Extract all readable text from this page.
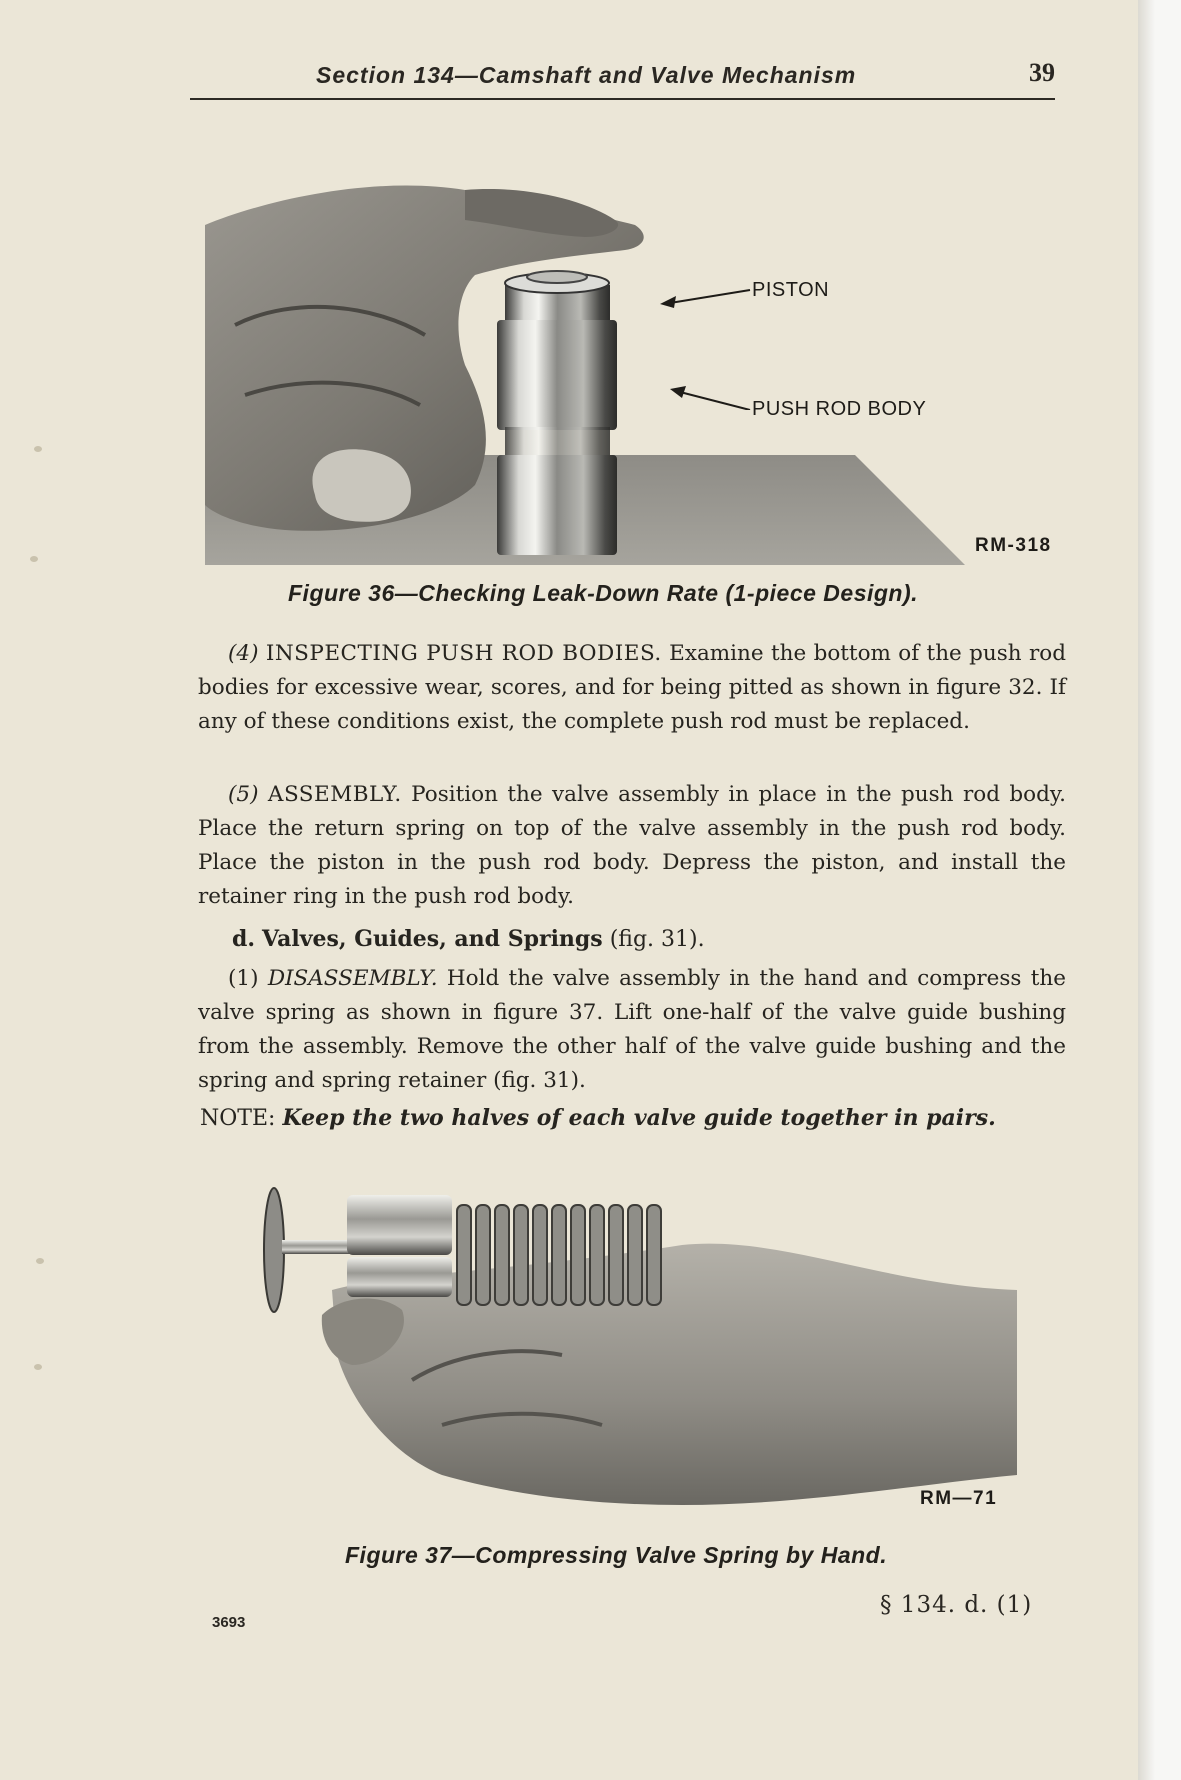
Section 134—Camshaft and Valve Mechanism	39
PISTON
PUSH ROD BODY
RM-318
Figure 36—Checking Leak-Down Rate (1-piece Design).

(4) INSPECTING PUSH ROD BODIES. Examine the bottom of the push rod bodies for excessive wear, scores, and for being pitted as shown in figure 32. If any of these conditions exist, the complete push rod must be replaced.

(5) ASSEMBLY. Position the valve assembly in place in the push rod body. Place the return spring on top of the valve assembly in the push rod body. Place the piston in the push rod body. Depress the piston, and install the retainer ring in the push rod body.

d. Valves, Guides, and Springs (fig. 31).

(1) DISASSEMBLY. Hold the valve assembly in the hand and compress the valve spring as shown in figure 37. Lift one-half of the valve guide bushing from the assembly. Remove the other half of the valve guide bushing and the spring and spring retainer (fig. 31).

NOTE: Keep the two halves of each valve guide together in pairs.
RM—71
Figure 37—Compressing Valve Spring by Hand.
3693
§ 134. d. (1)
